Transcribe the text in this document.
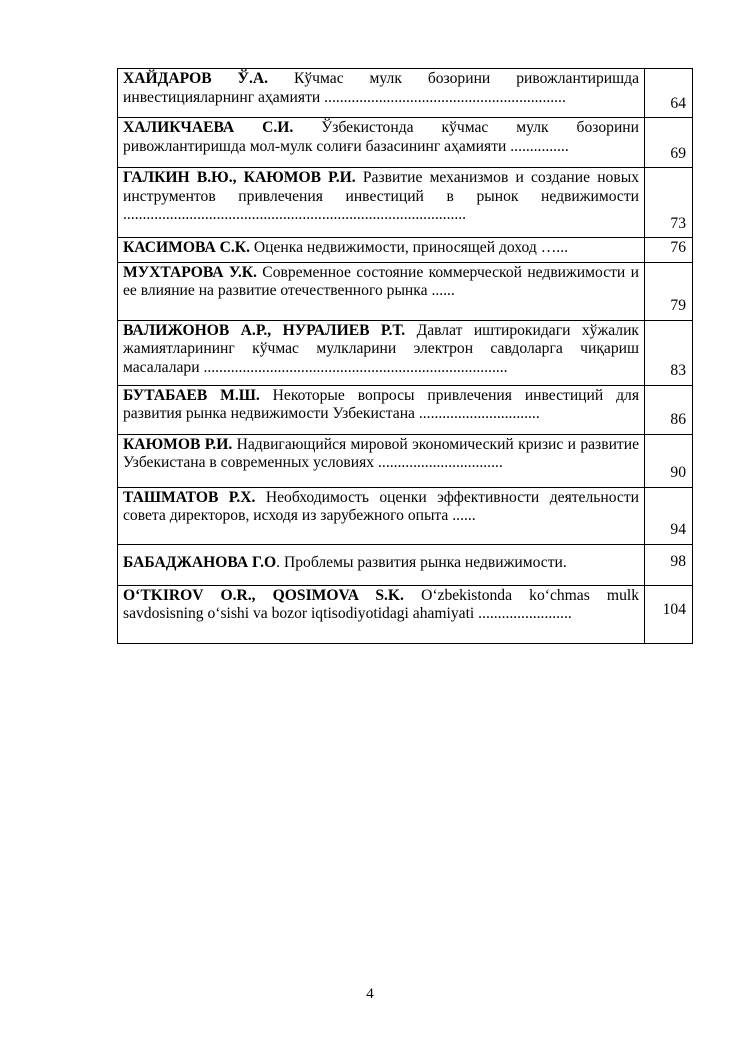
ХАЙДАРОВ Ў.А. Кўчмас мулк бозорини ривожлантиришда инвестицияларнинг аҳамияти ..............................................................	64
ХАЛИКЧАЕВА С.И. Ўзбекистонда кўчмас мулк бозорини ривожлантиришда мол-мулк солиғи базасининг аҳамияти ...............	69
ГАЛКИН В.Ю., КАЮМОВ Р.И. Развитие механизмов и создание новых инструментов привлечения инвестиций в рынок недвижимости ........................................................................................	73
КАСИМОВА С.К. Оценка недвижимости, приносящей доход …...	76
МУХТАРОВА У.К. Современное состояние коммерческой недвижимости и ее влияние на развитие отечественного рынка ......	79
ВАЛИЖОНОВ А.Р., НУРАЛИЕВ Р.Т. Давлат иштирокидаги хўжалик жамиятларининг кўчмас мулкларини электрон савдоларга чиқариш масалалари ..............................................................................	83
БУТАБАЕВ М.Ш. Некоторые вопросы привлечения инвестиций для развития рынка недвижимости Узбекистана ...............................	86
КАЮМОВ Р.И. Надвигающийся мировой экономический кризис и развитие Узбекистана в современных условиях ................................	90
ТАШМАТОВ Р.Х. Необходимость оценки эффективности деятельности совета директоров, исходя из зарубежного опыта ......	94
БАБАДЖАНОВА Г.О. Проблемы развития рынка недвижимости.	98
O‘TKIROV O.R., QOSIMOVA S.K. O‘zbekistonda ko‘chmas mulk savdosisning o‘sishi va bozor iqtisodiyotidagi ahamiyati ........................	104
4
